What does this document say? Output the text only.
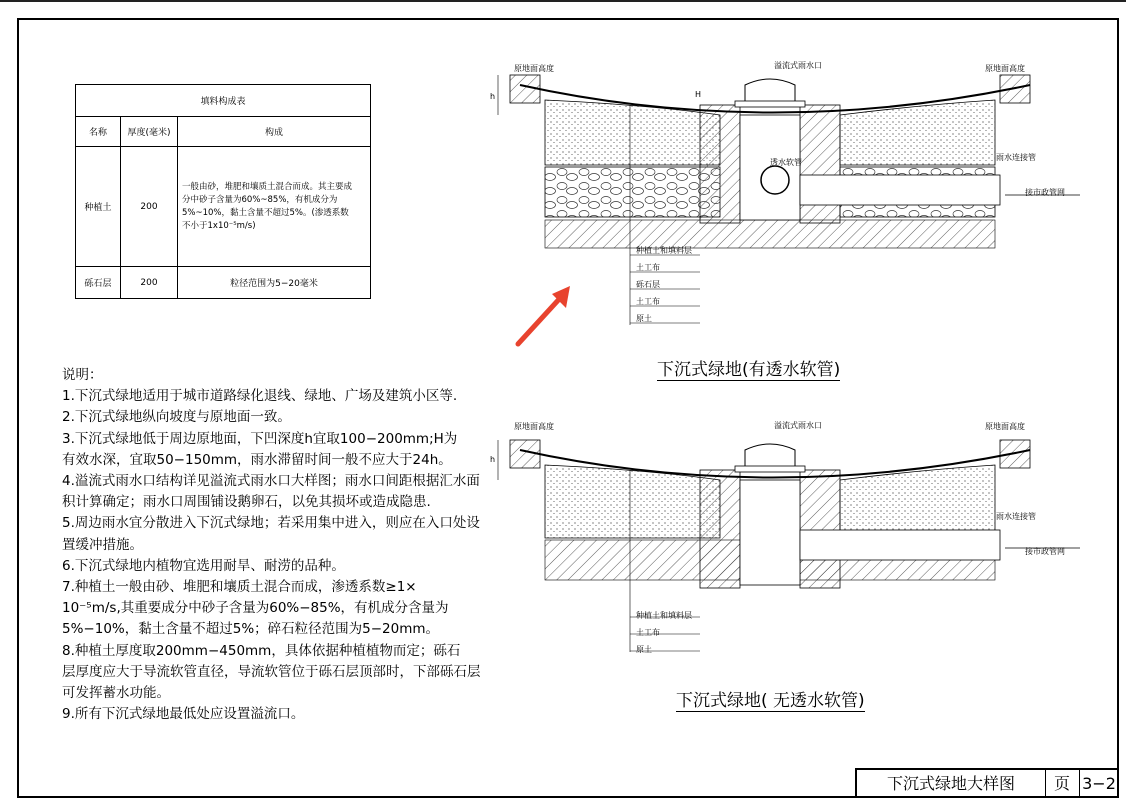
填料构成表		
名称	厚度(毫米)	构成
种植土	200	一般由砂，堆肥和壤质土混合而成。其主要成
分中砂子含量为60%~85%，有机成分为
5%~10%，黏土含量不超过5%。(渗透系数
不小于1x10⁻⁵m/s)

砾石层	200	粒径范围为5−20毫米

说明：

1.下沉式绿地适用于城市道路绿化退线、绿地、广场及建筑小区等.

2.下沉式绿地纵向坡度与原地面一致。

3.下沉式绿地低于周边原地面，下凹深度h宜取100−200mm;H为

有效水深，宜取50−150mm，雨水滞留时间一般不应大于24h。

4.溢流式雨水口结构详见溢流式雨水口大样图；雨水口间距根据汇水面

积计算确定；雨水口周围铺设鹅卵石，以免其损坏或造成隐患.

5.周边雨水宜分散进入下沉式绿地；若采用集中进入，则应在入口处设

置缓冲措施。

6.下沉式绿地内植物宜选用耐旱、耐涝的品种。

7.种植土一般由砂、堆肥和壤质土混合而成，渗透系数≥1×

10⁻⁵m/s,其重要成分中砂子含量为60%−85%，有机成分含量为

5%−10%，黏土含量不超过5%；碎石粒径范围为5−20mm。

8.种植土厚度取200mm−450mm，具体依据种植植物而定；砾石

层厚度应大于导流软管直径，导流软管位于砾石层顶部时，下部砾石层

可发挥蓄水功能。

9.所有下沉式绿地最低处应设置溢流口。

原地面高度	原地面高度
溢流式雨水口
透水软管
雨水连接管
接市政管网
h	H
种植土和填料层
土工布
砾石层
土工布
原土
下沉式绿地(有透水软管)
原地面高度	原地面高度
溢流式雨水口
雨水连接管
接市政管网
h
种植土和填料层
土工布
原土
下沉式绿地( 无透水软管)
下沉式绿地大样图	页 3−2
